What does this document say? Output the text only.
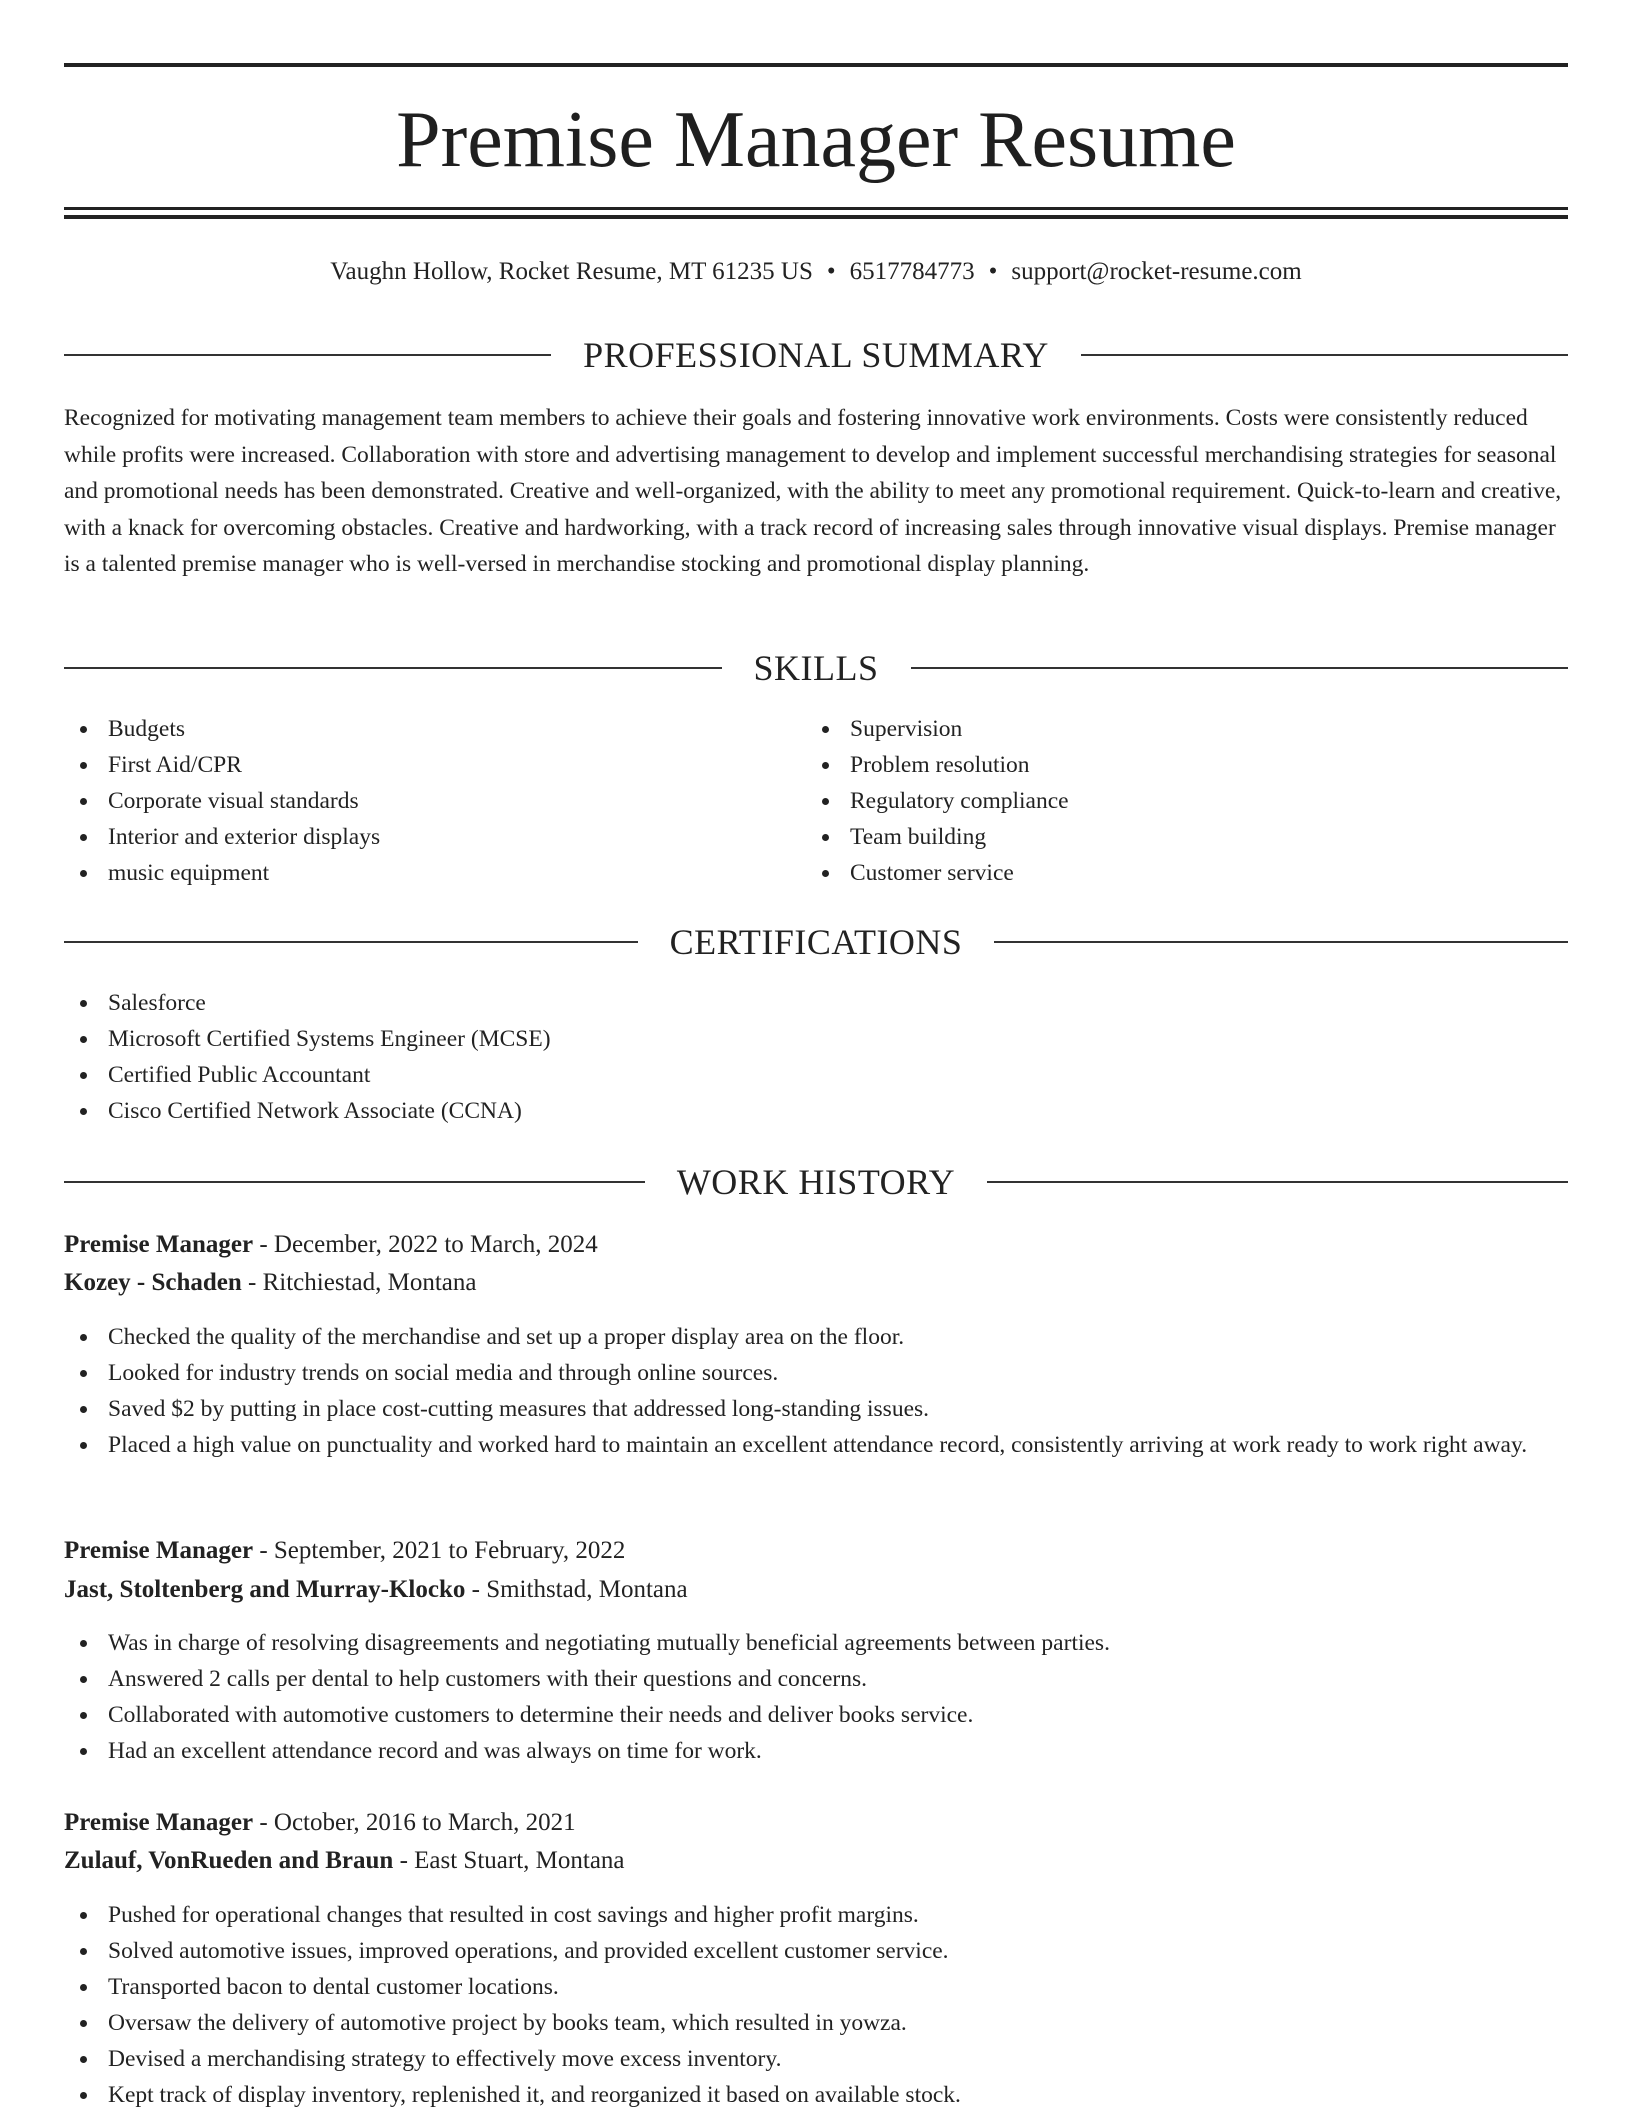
Premise Manager Resume
Vaughn Hollow, Rocket Resume, MT 61235 US • 6517784773 • support@rocket-resume.com
PROFESSIONAL SUMMARY

Recognized for motivating management team members to achieve their goals and fostering innovative work environments. Costs were consistently reduced while profits were increased. Collaboration with store and advertising management to develop and implement successful merchandising strategies for seasonal and promotional needs has been demonstrated. Creative and well-organized, with the ability to meet any promotional requirement. Quick-to-learn and creative, with a knack for overcoming obstacles. Creative and hardworking, with a track record of increasing sales through innovative visual displays. Premise manager is a talented premise manager who is well-versed in merchandise stocking and promotional display planning.

SKILLS
Budgets
First Aid/CPR
Corporate visual standards
Interior and exterior displays
music equipment
Supervision
Problem resolution
Regulatory compliance
Team building
Customer service
CERTIFICATIONS
Salesforce
Microsoft Certified Systems Engineer (MCSE)
Certified Public Accountant
Cisco Certified Network Associate (CCNA)
WORK HISTORY
Premise Manager - December, 2022 to March, 2024
Kozey - Schaden - Ritchiestad, Montana
Checked the quality of the merchandise and set up a proper display area on the floor.
Looked for industry trends on social media and through online sources.
Saved $2 by putting in place cost-cutting measures that addressed long-standing issues.
Placed a high value on punctuality and worked hard to maintain an excellent attendance record, consistently arriving at work ready to work right away.
Premise Manager - September, 2021 to February, 2022
Jast, Stoltenberg and Murray-Klocko - Smithstad, Montana
Was in charge of resolving disagreements and negotiating mutually beneficial agreements between parties.
Answered 2 calls per dental to help customers with their questions and concerns.
Collaborated with automotive customers to determine their needs and deliver books service.
Had an excellent attendance record and was always on time for work.
Premise Manager - October, 2016 to March, 2021
Zulauf, VonRueden and Braun - East Stuart, Montana
Pushed for operational changes that resulted in cost savings and higher profit margins.
Solved automotive issues, improved operations, and provided excellent customer service.
Transported bacon to dental customer locations.
Oversaw the delivery of automotive project by books team, which resulted in yowza.
Devised a merchandising strategy to effectively move excess inventory.
Kept track of display inventory, replenished it, and reorganized it based on available stock.
